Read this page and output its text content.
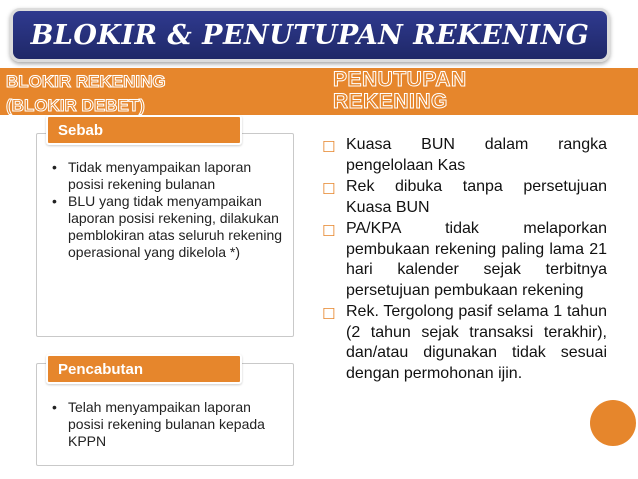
BLOKIR & PENUTUPAN REKENING
BLOKIR REKENING
(BLOKIR DEBET)
PENUTUPAN
REKENING
Sebab
• Tidak menyampaikan laporan posisi rekening bulanan
• BLU yang tidak menyampaikan laporan posisi rekening, dilakukan pemblokiran atas seluruh rekening operasional yang dikelola *)
Pencabutan
• Telah menyampaikan laporan posisi rekening bulanan kepada KPPN
☐ Kuasa BUN dalam rangka pengelolaan Kas
☐ Rek dibuka tanpa persetujuan Kuasa BUN
☐ PA/KPA tidak melaporkan pembukaan rekening paling lama 21 hari kalender sejak terbitnya persetujuan pembukaan rekening
☐ Rek. Tergolong pasif selama 1 tahun (2 tahun sejak transaksi terakhir), dan/atau digunakan tidak sesuai dengan permohonan ijin.
